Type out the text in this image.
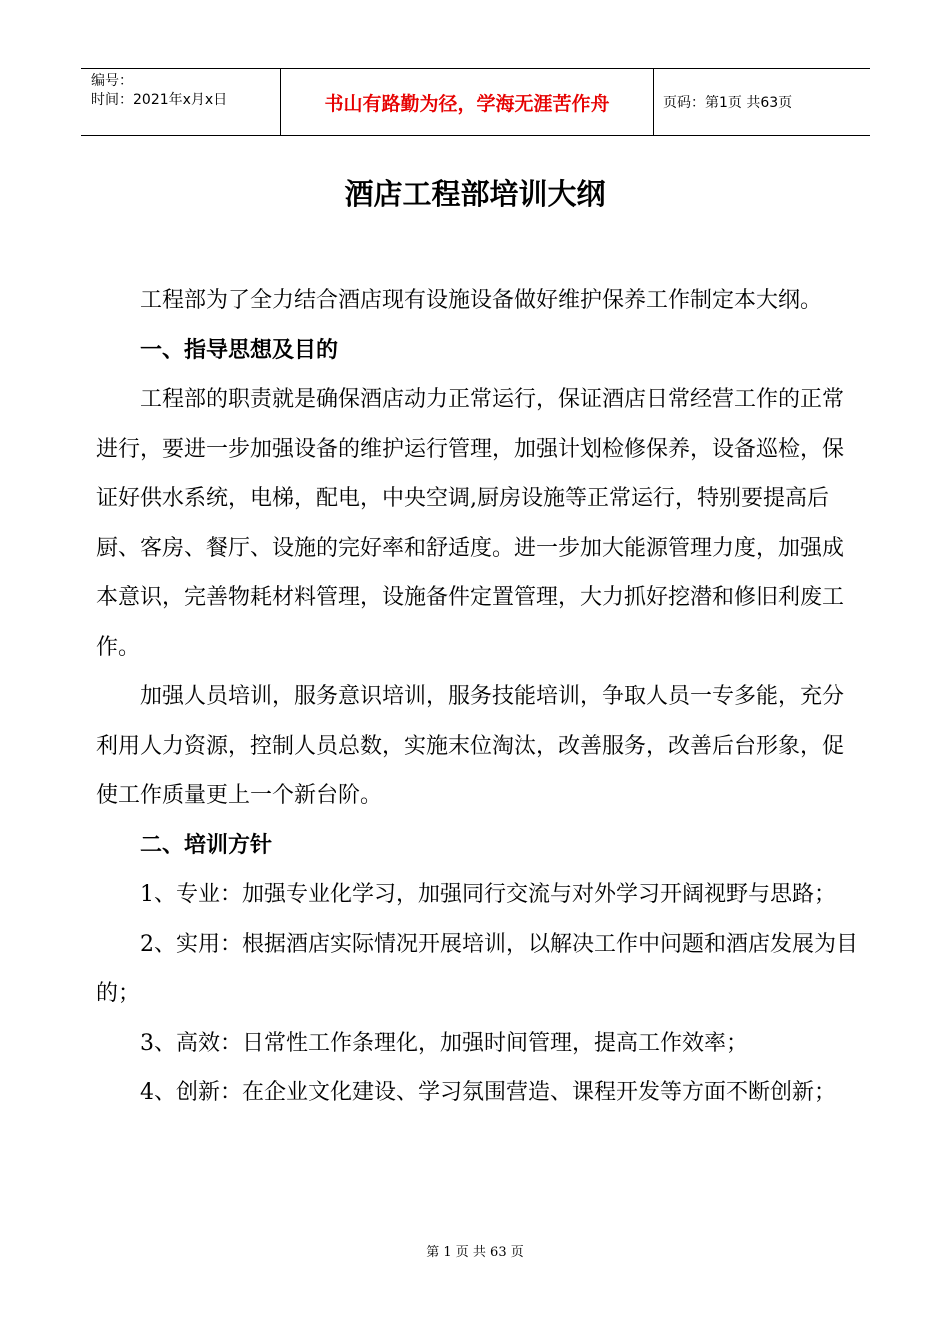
编号：
时间：2021年x月x日	书山有路勤为径，学海无涯苦作舟	页码：第1页 共63页
酒店工程部培训大纲

工程部为了全力结合酒店现有设施设备做好维护保养工作制定本大纲。

一、指导思想及目的

工程部的职责就是确保酒店动力正常运行，保证酒店日常经营工作的正常进行，要进一步加强设备的维护运行管理，加强计划检修保养，设备巡检，保证好供水系统，电梯，配电，中央空调,厨房设施等正常运行，特别要提高后厨、客房、餐厅、设施的完好率和舒适度。进一步加大能源管理力度，加强成本意识，完善物耗材料管理，设施备件定置管理，大力抓好挖潜和修旧利废工作。

加强人员培训，服务意识培训，服务技能培训，争取人员一专多能，充分利用人力资源，控制人员总数，实施末位淘汰，改善服务，改善后台形象，促使工作质量更上一个新台阶。

二、培训方针

1、专业：加强专业化学习，加强同行交流与对外学习开阔视野与思路；

2、实用：根据酒店实际情况开展培训，以解决工作中问题和酒店发展为目的；

3、高效：日常性工作条理化，加强时间管理，提高工作效率；

4、创新：在企业文化建设、学习氛围营造、课程开发等方面不断创新；

第 1 页 共 63 页
